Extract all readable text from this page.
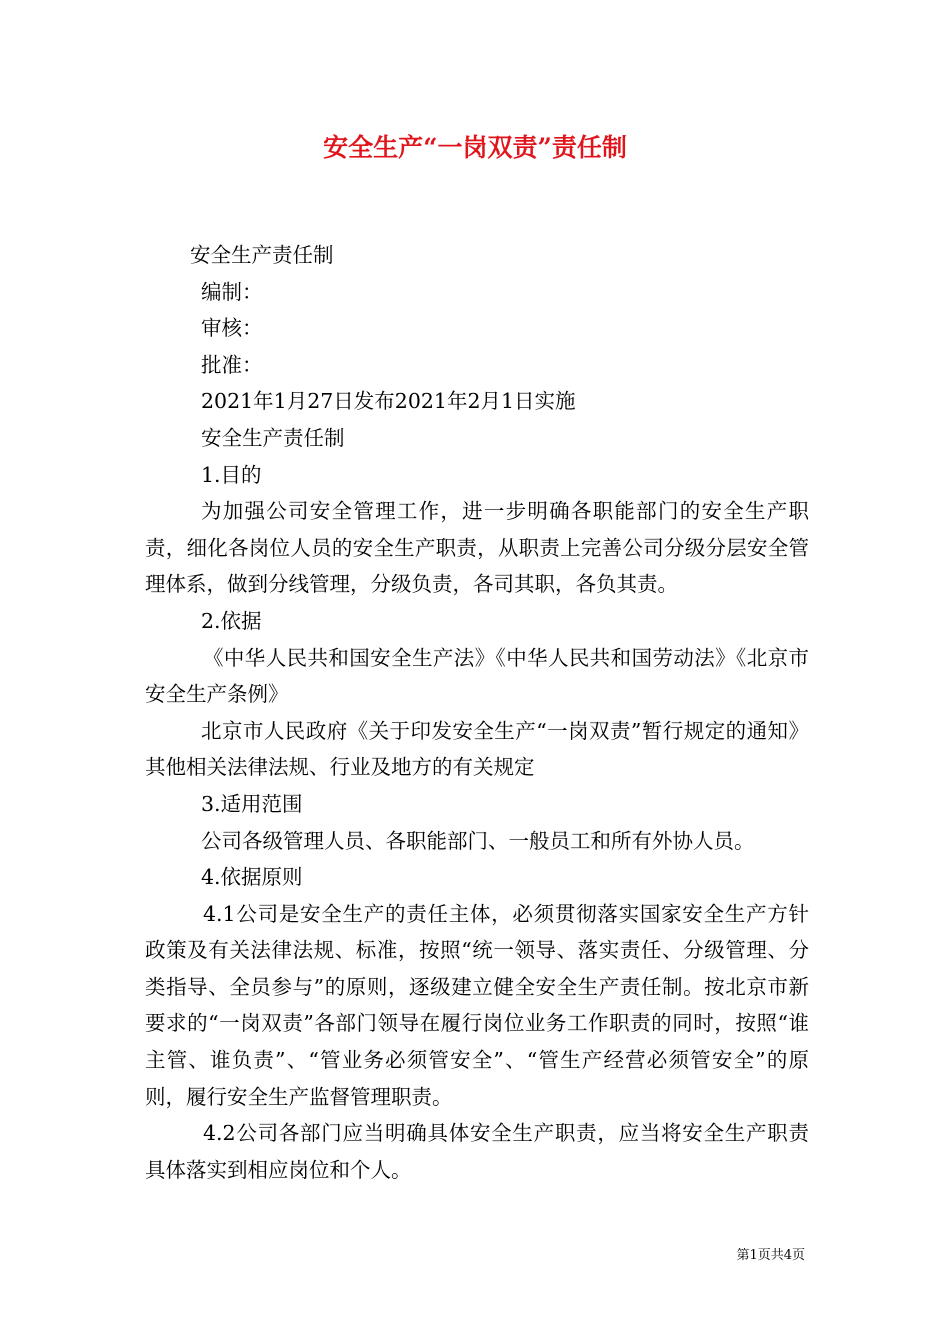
安全生产“一岗双责”责任制

安全生产责任制

编制：

审核：

批准：

2021年1月27日发布2021年2月1日实施

安全生产责任制

1.目的

为加强公司安全管理工作，进一步明确各职能部门的安全生产职责，细化各岗位人员的安全生产职责，从职责上完善公司分级分层安全管理体系，做到分线管理，分级负责，各司其职，各负其责。

2.依据

《中华人民共和国安全生产法》《中华人民共和国劳动法》《北京市安全生产条例》

北京市人民政府《关于印发安全生产“一岗双责”暂行规定的通知》其他相关法律法规、行业及地方的有关规定

3.适用范围

公司各级管理人员、各职能部门、一般员工和所有外协人员。

4.依据原则

4.1公司是安全生产的责任主体，必须贯彻落实国家安全生产方针政策及有关法律法规、标准，按照“统一领导、落实责任、分级管理、分类指导、全员参与”的原则，逐级建立健全安全生产责任制。按北京市新要求的“一岗双责”各部门领导在履行岗位业务工作职责的同时，按照“谁主管、谁负责”、“管业务必须管安全”、“管生产经营必须管安全”的原则，履行安全生产监督管理职责。

4.2公司各部门应当明确具体安全生产职责，应当将安全生产职责具体落实到相应岗位和个人。

第1页共4页
